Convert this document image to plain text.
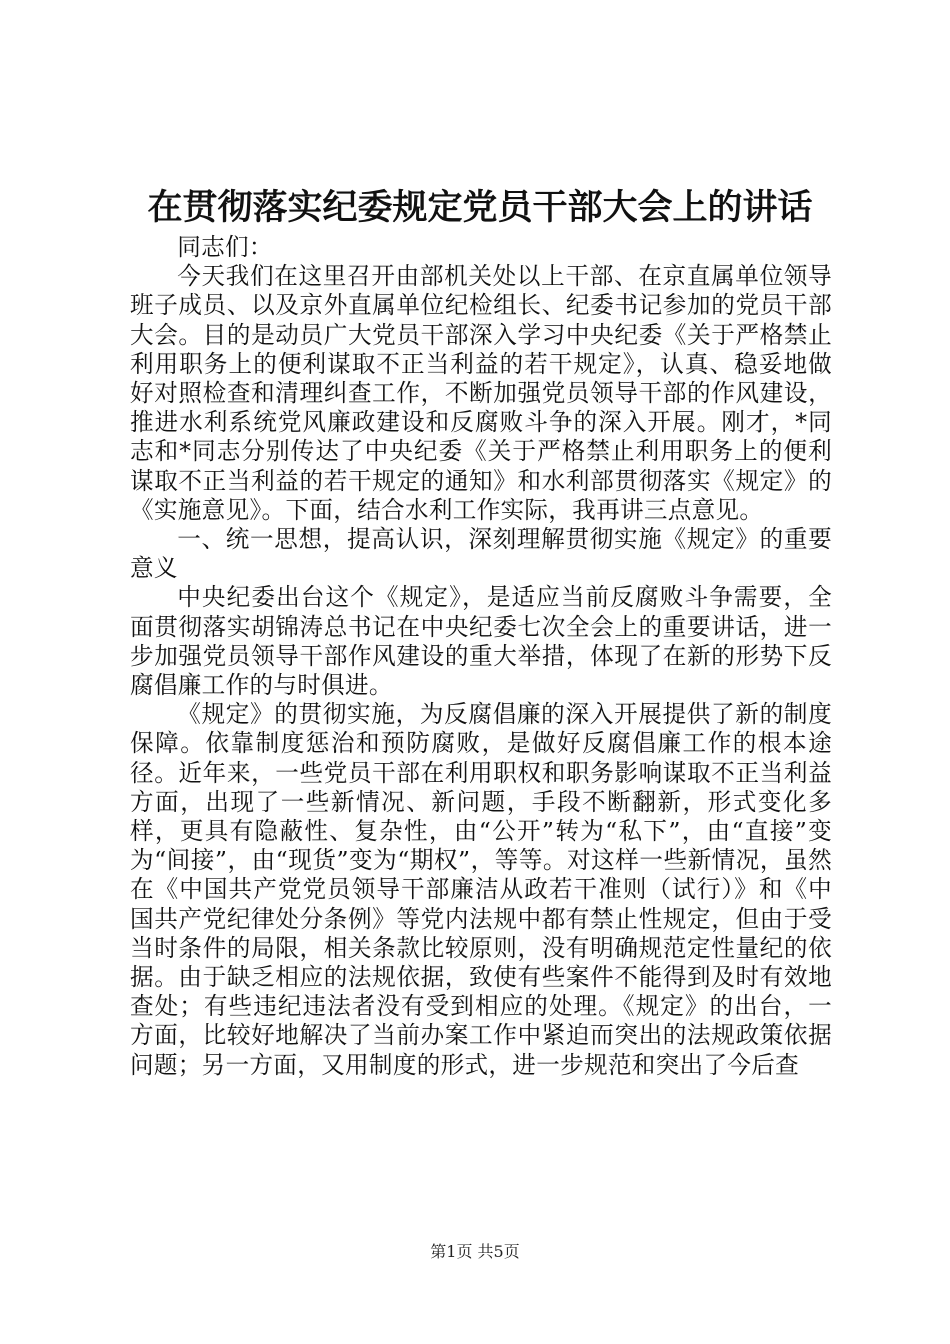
在贯彻落实纪委规定党员干部大会上的讲话

同志们：

今天我们在这里召开由部机关处以上干部、在京直属单位领导班子成员、以及京外直属单位纪检组长、纪委书记参加的党员干部大会。目的是动员广大党员干部深入学习中央纪委《关于严格禁止利用职务上的便利谋取不正当利益的若干规定》，认真、稳妥地做好对照检查和清理纠查工作，不断加强党员领导干部的作风建设，推进水利系统党风廉政建设和反腐败斗争的深入开展。刚才，*同志和*同志分别传达了中央纪委《关于严格禁止利用职务上的便利谋取不正当利益的若干规定的通知》和水利部贯彻落实《规定》的《实施意见》。下面，结合水利工作实际，我再讲三点意见。

一、统一思想，提高认识，深刻理解贯彻实施《规定》的重要意义

中央纪委出台这个《规定》，是适应当前反腐败斗争需要，全面贯彻落实胡锦涛总书记在中央纪委七次全会上的重要讲话，进一步加强党员领导干部作风建设的重大举措，体现了在新的形势下反腐倡廉工作的与时俱进。

《规定》的贯彻实施，为反腐倡廉的深入开展提供了新的制度保障。依靠制度惩治和预防腐败，是做好反腐倡廉工作的根本途径。近年来，一些党员干部在利用职权和职务影响谋取不正当利益方面，出现了一些新情况、新问题，手段不断翻新，形式变化多样，更具有隐蔽性、复杂性，由“公开”转为“私下”，由“直接”变为“间接”，由“现货”变为“期权”，等等。对这样一些新情况，虽然在《中国共产党党员领导干部廉洁从政若干准则（试行）》和《中国共产党纪律处分条例》等党内法规中都有禁止性规定，但由于受当时条件的局限，相关条款比较原则，没有明确规范定性量纪的依据。由于缺乏相应的法规依据，致使有些案件不能得到及时有效地查处；有些违纪违法者没有受到相应的处理。《规定》的出台，一方面，比较好地解决了当前办案工作中紧迫而突出的法规政策依据问题；另一方面，又用制度的形式，进一步规范和突出了今后查

第1页 共5页
